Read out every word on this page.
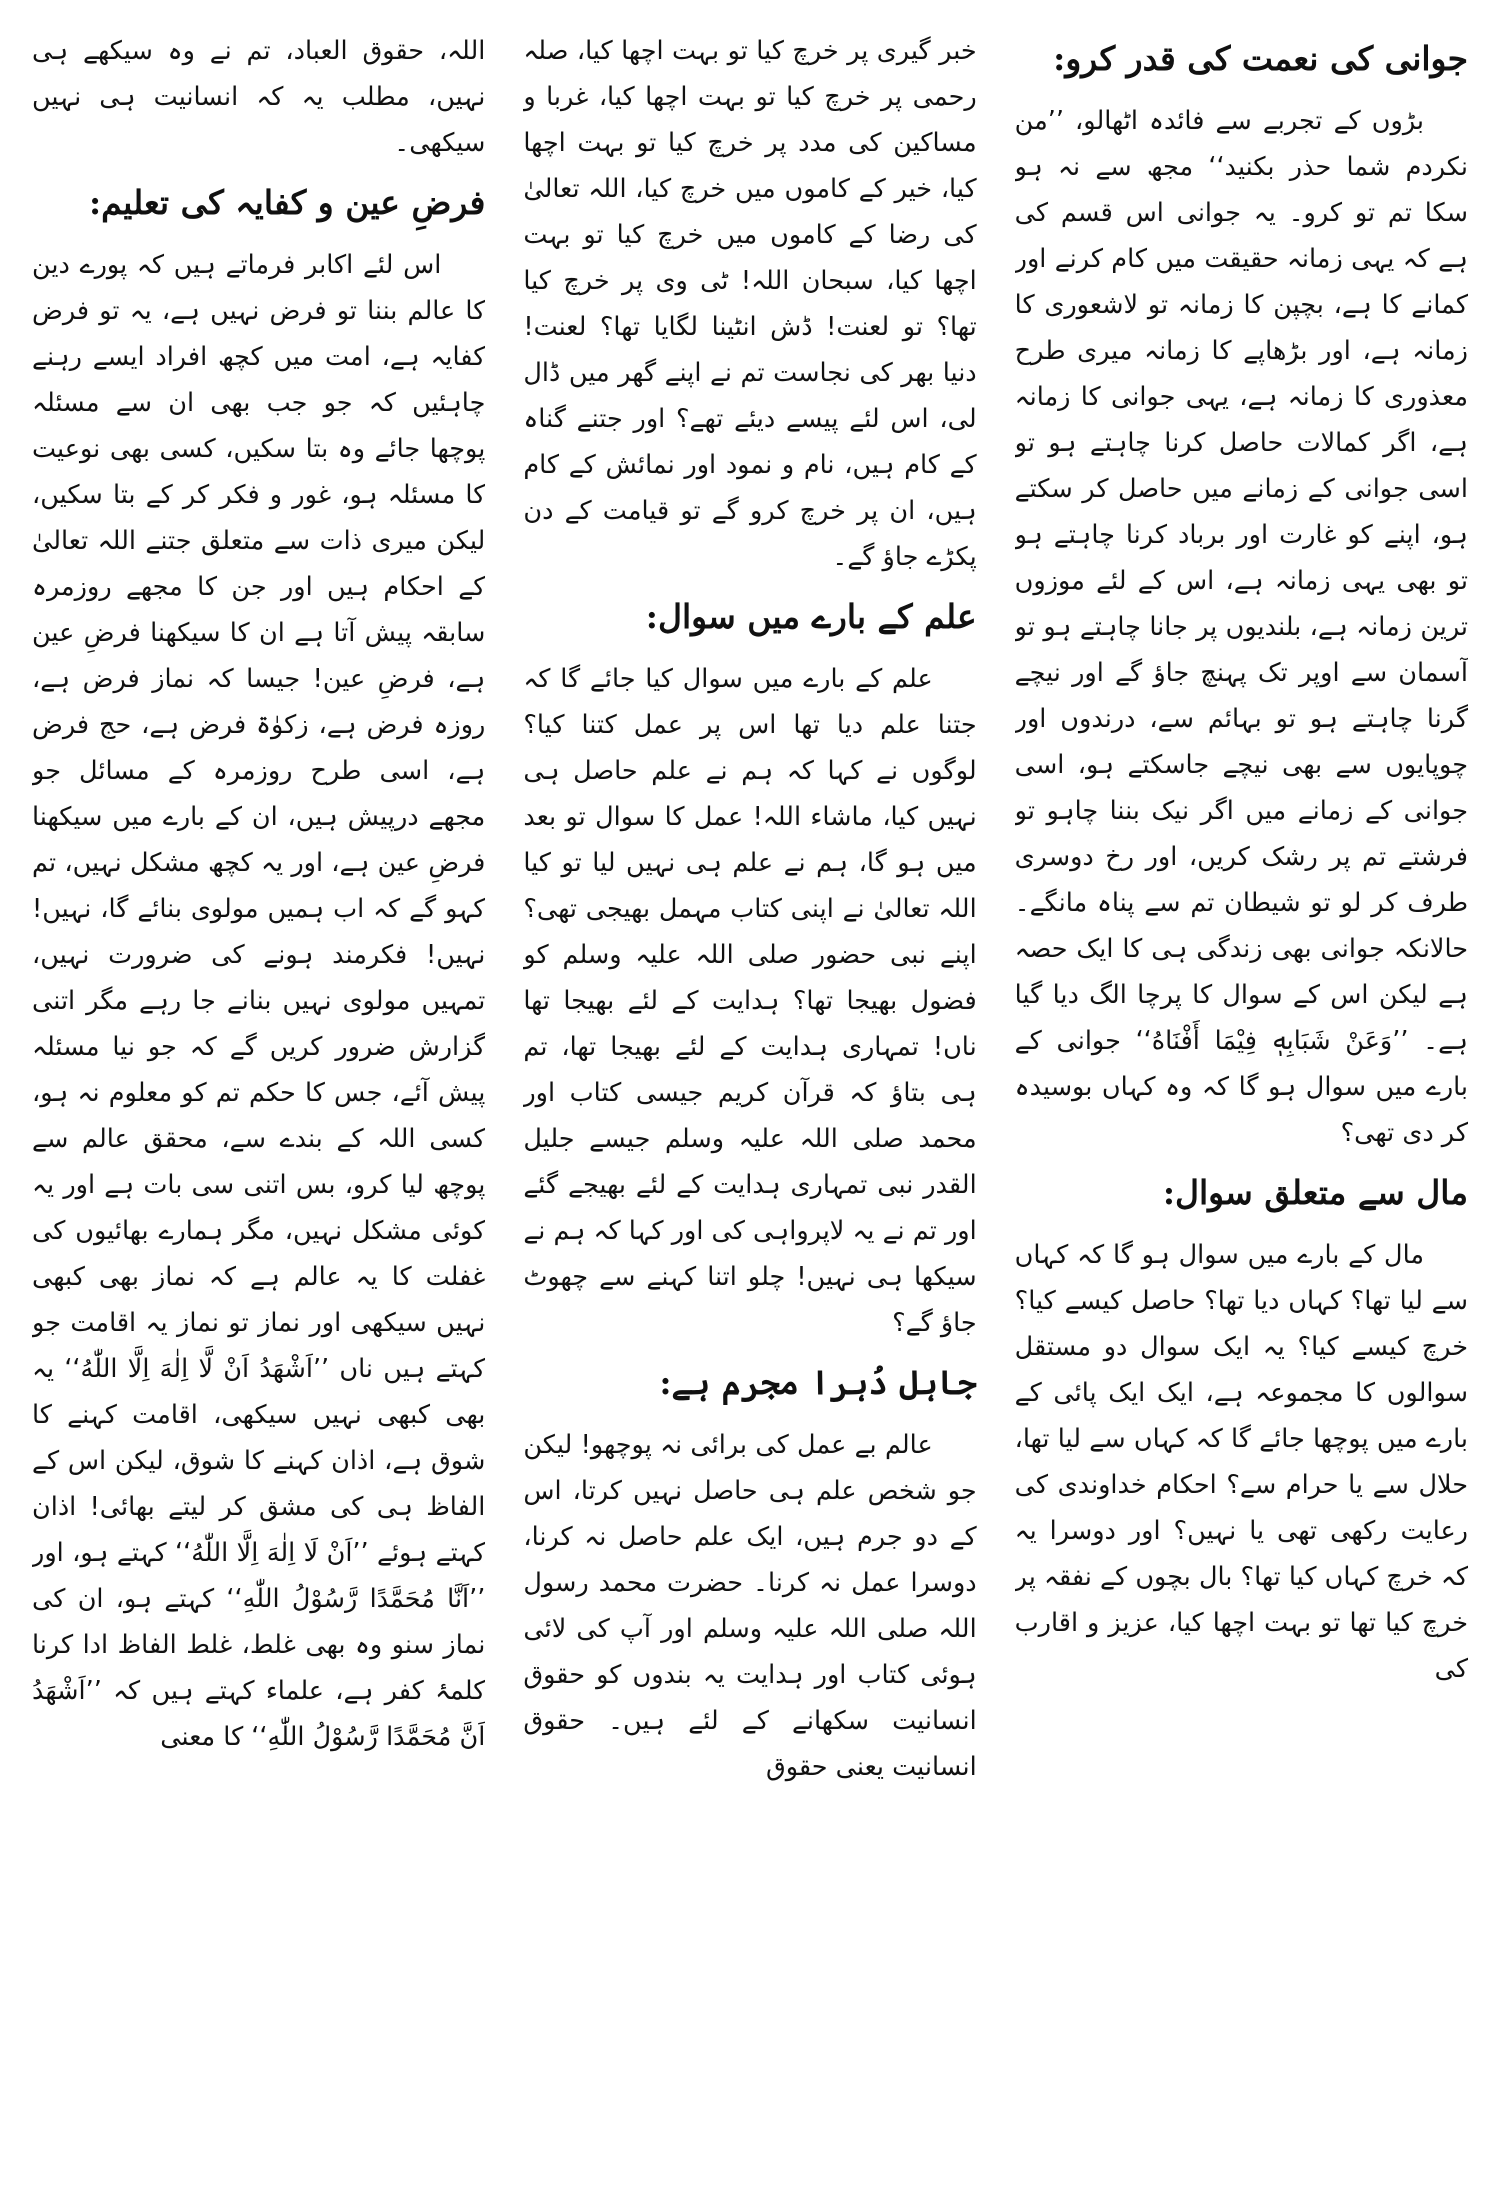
جوانی کی نعمت کی قدر کرو:

بڑوں کے تجربے سے فائدہ اٹھالو، ’’من نکردم شما حذر بکنید‘‘ مجھ سے نہ ہو سکا تم تو کرو۔ یہ جوانی اس قسم کی ہے کہ یہی زمانہ حقیقت میں کام کرنے اور کمانے کا ہے، بچپن کا زمانہ تو لاشعوری کا زمانہ ہے، اور بڑھاپے کا زمانہ میری طرح معذوری کا زمانہ ہے، یہی جوانی کا زمانہ ہے، اگر کمالات حاصل کرنا چاہتے ہو تو اسی جوانی کے زمانے میں حاصل کر سکتے ہو، اپنے کو غارت اور برباد کرنا چاہتے ہو تو بھی یہی زمانہ ہے، اس کے لئے موزوں ترین زمانہ ہے، بلندیوں پر جانا چاہتے ہو تو آسمان سے اوپر تک پہنچ جاؤ گے اور نیچے گرنا چاہتے ہو تو بہائم سے، درندوں اور چوپایوں سے بھی نیچے جاسکتے ہو، اسی جوانی کے زمانے میں اگر نیک بننا چاہو تو فرشتے تم پر رشک کریں، اور رخ دوسری طرف کر لو تو شیطان تم سے پناہ مانگے۔ حالانکہ جوانی بھی زندگی ہی کا ایک حصہ ہے لیکن اس کے سوال کا پرچا الگ دیا گیا ہے۔ ’’وَعَنْ شَبَابِهٖ فِيْمَا أَفْنَاهُ‘‘ جوانی کے بارے میں سوال ہو گا کہ وہ کہاں بوسیدہ کر دی تھی؟

مال سے متعلق سوال:

مال کے بارے میں سوال ہو گا کہ کہاں سے لیا تھا؟ کہاں دیا تھا؟ حاصل کیسے کیا؟ خرچ کیسے کیا؟ یہ ایک سوال دو مستقل سوالوں کا مجموعہ ہے، ایک ایک پائی کے بارے میں پوچھا جائے گا کہ کہاں سے لیا تھا، حلال سے یا حرام سے؟ احکام خداوندی کی رعایت رکھی تھی یا نہیں؟ اور دوسرا یہ کہ خرچ کہاں کیا تھا؟ بال بچوں کے نفقہ پر خرچ کیا تھا تو بہت اچھا کیا، عزیز و اقارب کی

خبر گیری پر خرچ کیا تو بہت اچھا کیا، صلہ رحمی پر خرچ کیا تو بہت اچھا کیا، غربا و مساکین کی مدد پر خرچ کیا تو بہت اچھا کیا، خیر کے کاموں میں خرچ کیا، اللہ تعالیٰ کی رضا کے کاموں میں خرچ کیا تو بہت اچھا کیا، سبحان اللہ! ٹی وی پر خرچ کیا تھا؟ تو لعنت! ڈش انٹینا لگایا تھا؟ لعنت! دنیا بھر کی نجاست تم نے اپنے گھر میں ڈال لی، اس لئے پیسے دیئے تھے؟ اور جتنے گناہ کے کام ہیں، نام و نمود اور نمائش کے کام ہیں، ان پر خرچ کرو گے تو قیامت کے دن پکڑے جاؤ گے۔

علم کے بارے میں سوال:

علم کے بارے میں سوال کیا جائے گا کہ جتنا علم دیا تھا اس پر عمل کتنا کیا؟ لوگوں نے کہا کہ ہم نے علم حاصل ہی نہیں کیا، ماشاء اللہ! عمل کا سوال تو بعد میں ہو گا، ہم نے علم ہی نہیں لیا تو کیا اللہ تعالیٰ نے اپنی کتاب مہمل بھیجی تھی؟ اپنے نبی حضور صلی اللہ علیہ وسلم کو فضول بھیجا تھا؟ ہدایت کے لئے بھیجا تھا ناں! تمہاری ہدایت کے لئے بھیجا تھا، تم ہی بتاؤ کہ قرآن کریم جیسی کتاب اور محمد صلی اللہ علیہ وسلم جیسے جلیل القدر نبی تمہاری ہدایت کے لئے بھیجے گئے اور تم نے یہ لاپرواہی کی اور کہا کہ ہم نے سیکھا ہی نہیں! چلو اتنا کہنے سے چھوٹ جاؤ گے؟

جاہل دُہرا مجرم ہے:

عالم بے عمل کی برائی نہ پوچھو! لیکن جو شخص علم ہی حاصل نہیں کرتا، اس کے دو جرم ہیں، ایک علم حاصل نہ کرنا، دوسرا عمل نہ کرنا۔ حضرت محمد رسول اللہ صلی اللہ علیہ وسلم اور آپ کی لائی ہوئی کتاب اور ہدایت یہ بندوں کو حقوق انسانیت سکھانے کے لئے ہیں۔ حقوق انسانیت یعنی حقوق

اللہ، حقوق العباد، تم نے وہ سیکھے ہی نہیں، مطلب یہ کہ انسانیت ہی نہیں سیکھی۔

فرضِ عین و کفایہ کی تعلیم:

اس لئے اکابر فرماتے ہیں کہ پورے دین کا عالم بننا تو فرض نہیں ہے، یہ تو فرض کفایہ ہے، امت میں کچھ افراد ایسے رہنے چاہئیں کہ جو جب بھی ان سے مسئلہ پوچھا جائے وہ بتا سکیں، کسی بھی نوعیت کا مسئلہ ہو، غور و فکر کر کے بتا سکیں، لیکن میری ذات سے متعلق جتنے اللہ تعالیٰ کے احکام ہیں اور جن کا مجھے روزمرہ سابقہ پیش آتا ہے ان کا سیکھنا فرضِ عین ہے، فرضِ عین! جیسا کہ نماز فرض ہے، روزہ فرض ہے، زکوٰۃ فرض ہے، حج فرض ہے، اسی طرح روزمرہ کے مسائل جو مجھے درپیش ہیں، ان کے بارے میں سیکھنا فرضِ عین ہے، اور یہ کچھ مشکل نہیں، تم کہو گے کہ اب ہمیں مولوی بنائے گا، نہیں! نہیں! فکرمند ہونے کی ضرورت نہیں، تمہیں مولوی نہیں بنانے جا رہے مگر اتنی گزارش ضرور کریں گے کہ جو نیا مسئلہ پیش آئے، جس کا حکم تم کو معلوم نہ ہو، کسی اللہ کے بندے سے، محقق عالم سے پوچھ لیا کرو، بس اتنی سی بات ہے اور یہ کوئی مشکل نہیں، مگر ہمارے بھائیوں کی غفلت کا یہ عالم ہے کہ نماز بھی کبھی نہیں سیکھی اور نماز تو نماز یہ اقامت جو کہتے ہیں ناں ’’اَشْهَدُ اَنْ لَّا اِلٰهَ اِلَّا اللّٰهُ‘‘ یہ بھی کبھی نہیں سیکھی، اقامت کہنے کا شوق ہے، اذان کہنے کا شوق، لیکن اس کے الفاظ ہی کی مشق کر لیتے بھائی! اذان کہتے ہوئے ’’اَنْ لَا اِلٰهَ اِلَّا اللّٰهُ‘‘ کہتے ہو، اور ’’اَنَّا مُحَمَّدًا رَّسُوْلُ اللّٰهِ‘‘ کہتے ہو، ان کی نماز سنو وہ بھی غلط، غلط الفاظ ادا کرنا کلمۂ کفر ہے، علماء کہتے ہیں کہ ’’اَشْهَدُ اَنَّ مُحَمَّدًا رَّسُوْلُ اللّٰهِ‘‘ کا معنی
